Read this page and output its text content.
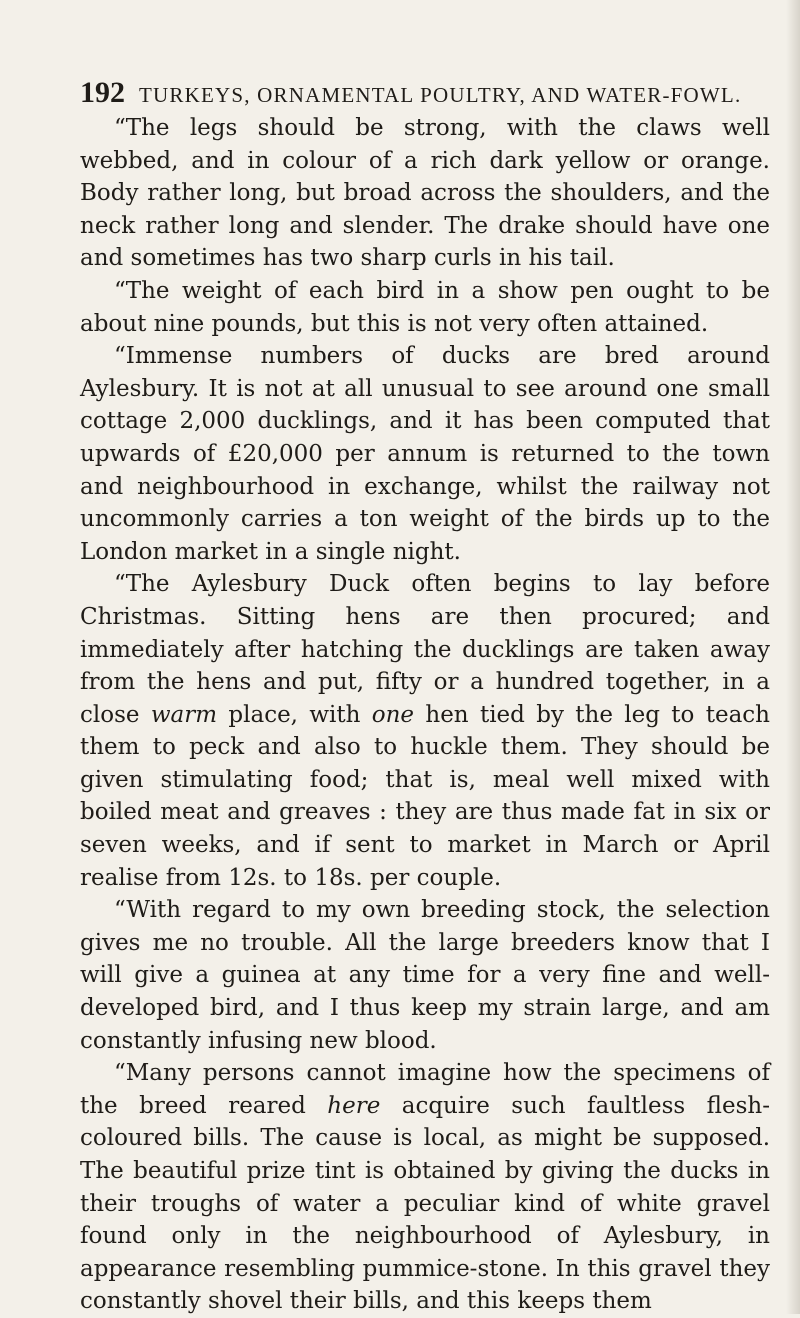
192 TURKEYS, ORNAMENTAL POULTRY, AND WATER-FOWL.

“The legs should be strong, with the claws well webbed, and in colour of a rich dark yellow or orange. Body rather long, but broad across the shoulders, and the neck rather long and slender. The drake should have one and sometimes has two sharp curls in his tail.

“The weight of each bird in a show pen ought to be about nine pounds, but this is not very often attained.

“Immense numbers of ducks are bred around Aylesbury. It is not at all unusual to see around one small cottage 2,000 ducklings, and it has been computed that upwards of £20,000 per annum is returned to the town and neighbourhood in exchange, whilst the railway not uncommonly carries a ton weight of the birds up to the London market in a single night.

“The Aylesbury Duck often begins to lay before Christmas. Sitting hens are then procured; and immediately after hatching the ducklings are taken away from the hens and put, fifty or a hundred together, in a close warm place, with one hen tied by the leg to teach them to peck and also to huckle them. They should be given stimulating food; that is, meal well mixed with boiled meat and greaves : they are thus made fat in six or seven weeks, and if sent to market in March or April realise from 12s. to 18s. per couple.

“With regard to my own breeding stock, the selection gives me no trouble. All the large breeders know that I will give a guinea at any time for a very fine and well-developed bird, and I thus keep my strain large, and am constantly infusing new blood.

“Many persons cannot imagine how the specimens of the breed reared here acquire such faultless flesh-coloured bills. The cause is local, as might be supposed. The beautiful prize tint is obtained by giving the ducks in their troughs of water a peculiar kind of white gravel found only in the neighbourhood of Aylesbury, in appearance resembling pummice-stone. In this gravel they constantly shovel their bills, and this keeps them
